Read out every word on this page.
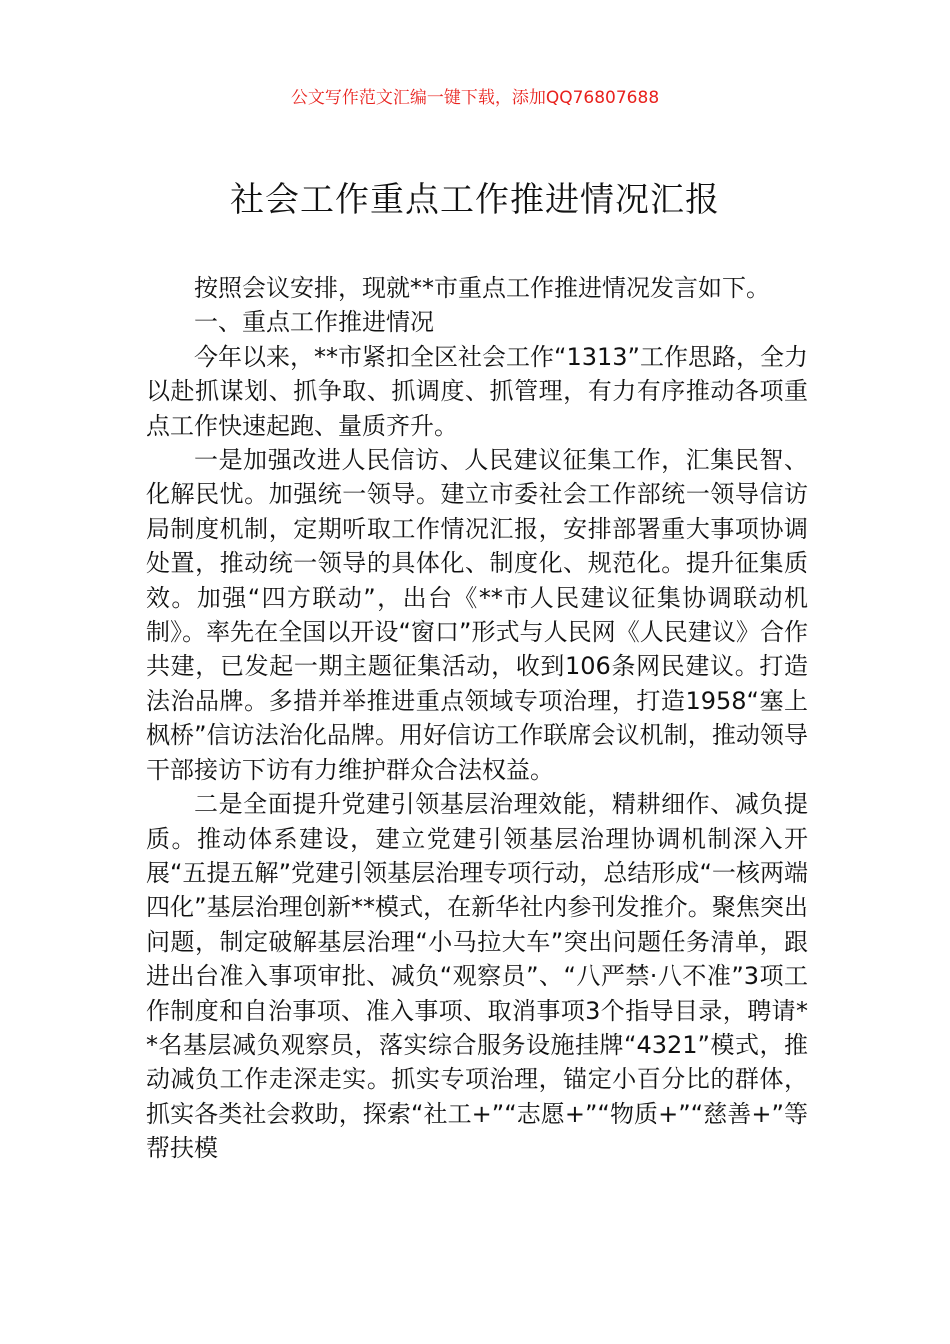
公文写作范文汇编一键下载，添加QQ76807688
社会工作重点工作推进情况汇报

按照会议安排，现就**市重点工作推进情况发言如下。

一、重点工作推进情况

今年以来，**市紧扣全区社会工作“1313”工作思路，全力以赴抓谋划、抓争取、抓调度、抓管理，有力有序推动各项重点工作快速起跑、量质齐升。

一是加强改进人民信访、人民建议征集工作，汇集民智、化解民忧。加强统一领导。建立市委社会工作部统一领导信访局制度机制，定期听取工作情况汇报，安排部署重大事项协调处置，推动统一领导的具体化、制度化、规范化。提升征集质效。加强“四方联动”，出台《**市人民建议征集协调联动机制》。率先在全国以开设“窗口”形式与人民网《人民建议》合作共建，已发起一期主题征集活动，收到106条网民建议。打造法治品牌。多措并举推进重点领域专项治理，打造1958“塞上枫桥”信访法治化品牌。用好信访工作联席会议机制，推动领导干部接访下访有力维护群众合法权益。

二是全面提升党建引领基层治理效能，精耕细作、减负提质。推动体系建设，建立党建引领基层治理协调机制深入开展“五提五解”党建引领基层治理专项行动，总结形成“一核两端四化”基层治理创新**模式，在新华社内参刊发推介。聚焦突出问题，制定破解基层治理“小马拉大车”突出问题任务清单，跟进出台准入事项审批、减负“观察员”、“八严禁·八不准”3项工作制度和自治事项、准入事项、取消事项3个指导目录，聘请**名基层减负观察员，落实综合服务设施挂牌“4321”模式，推动减负工作走深走实。抓实专项治理，锚定小百分比的群体，抓实各类社会救助，探索“社工+”“志愿+”“物质+”“慈善+”等帮扶模
